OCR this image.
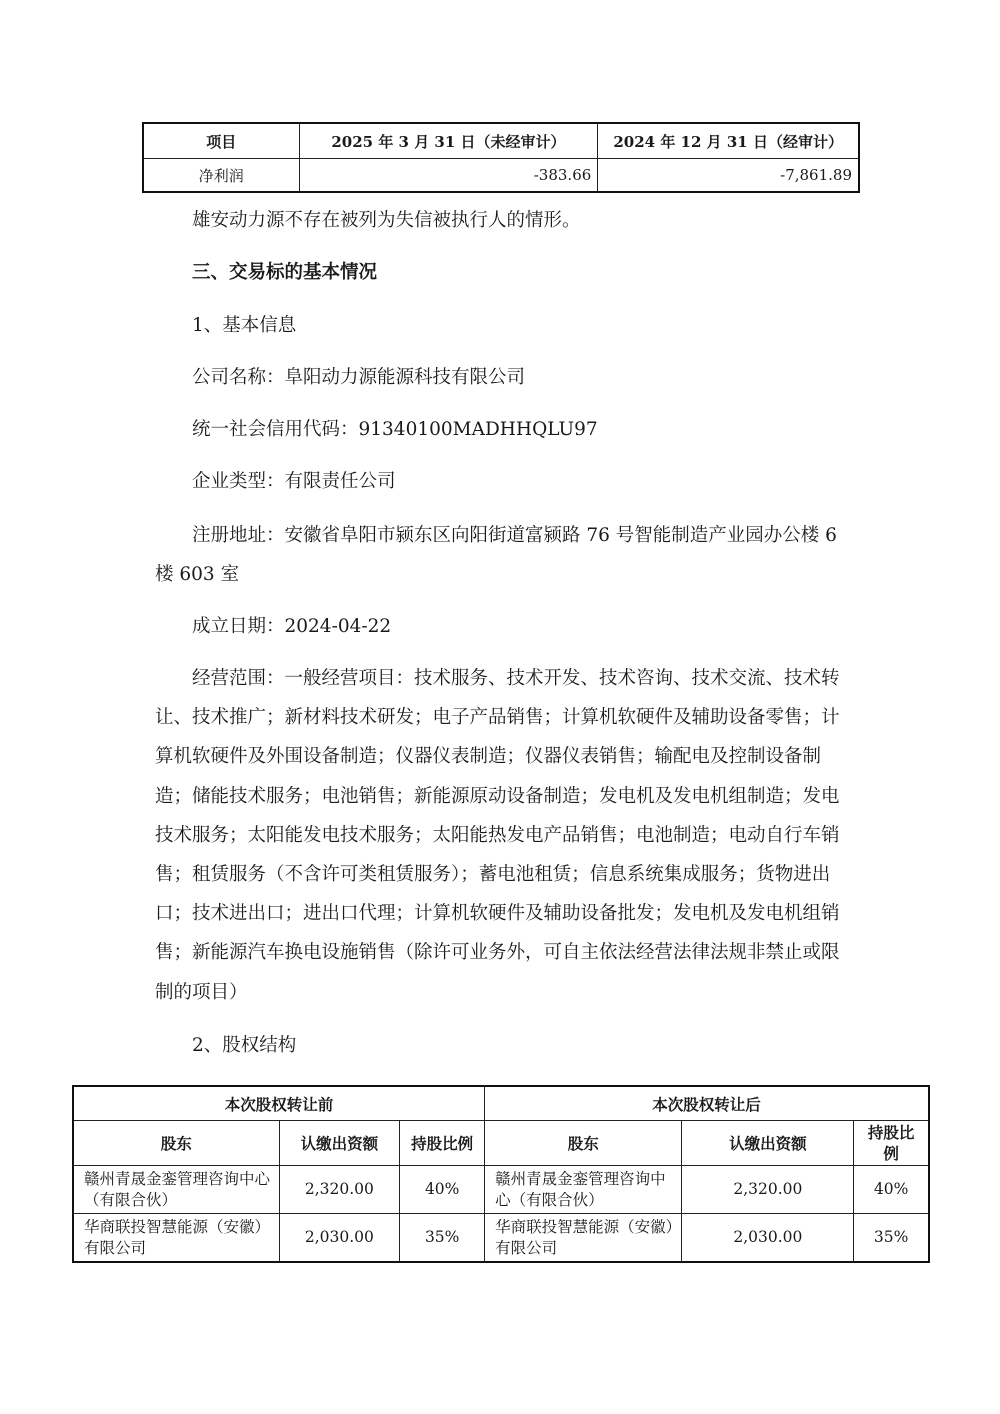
项目	2025 年 3 月 31 日（未经审计）	2024 年 12 月 31 日（经审计）
净利润	-383.66	-7,861.89

雄安动力源不存在被列为失信被执行人的情形。

三、交易标的基本情况

1、基本信息

公司名称：阜阳动力源能源科技有限公司

统一社会信用代码：91340100MADHHQLU97

企业类型：有限责任公司

注册地址：安徽省阜阳市颍东区向阳街道富颍路 76 号智能制造产业园办公楼 6 楼 603 室

成立日期：2024-04-22

经营范围：一般经营项目：技术服务、技术开发、技术咨询、技术交流、技术转让、技术推广；新材料技术研发；电子产品销售；计算机软硬件及辅助设备零售；计算机软硬件及外围设备制造；仪器仪表制造；仪器仪表销售；输配电及控制设备制造；储能技术服务；电池销售；新能源原动设备制造；发电机及发电机组制造；发电技术服务；太阳能发电技术服务；太阳能热发电产品销售；电池制造；电动自行车销售；租赁服务（不含许可类租赁服务）；蓄电池租赁；信息系统集成服务；货物进出口；技术进出口；进出口代理；计算机软硬件及辅助设备批发；发电机及发电机组销售；新能源汽车换电设施销售（除许可业务外，可自主依法经营法律法规非禁止或限制的项目）

2、股权结构

本次股权转让前			本次股权转让后		
股东	认缴出资额	持股比例	股东	认缴出资额	持股比例
赣州青晟金銮管理咨询中心（有限合伙）	2,320.00	40%	赣州青晟金銮管理咨询中心（有限合伙）	2,320.00	40%
华商联投智慧能源（安徽）有限公司	2,030.00	35%	华商联投智慧能源（安徽）有限公司	2,030.00	35%
